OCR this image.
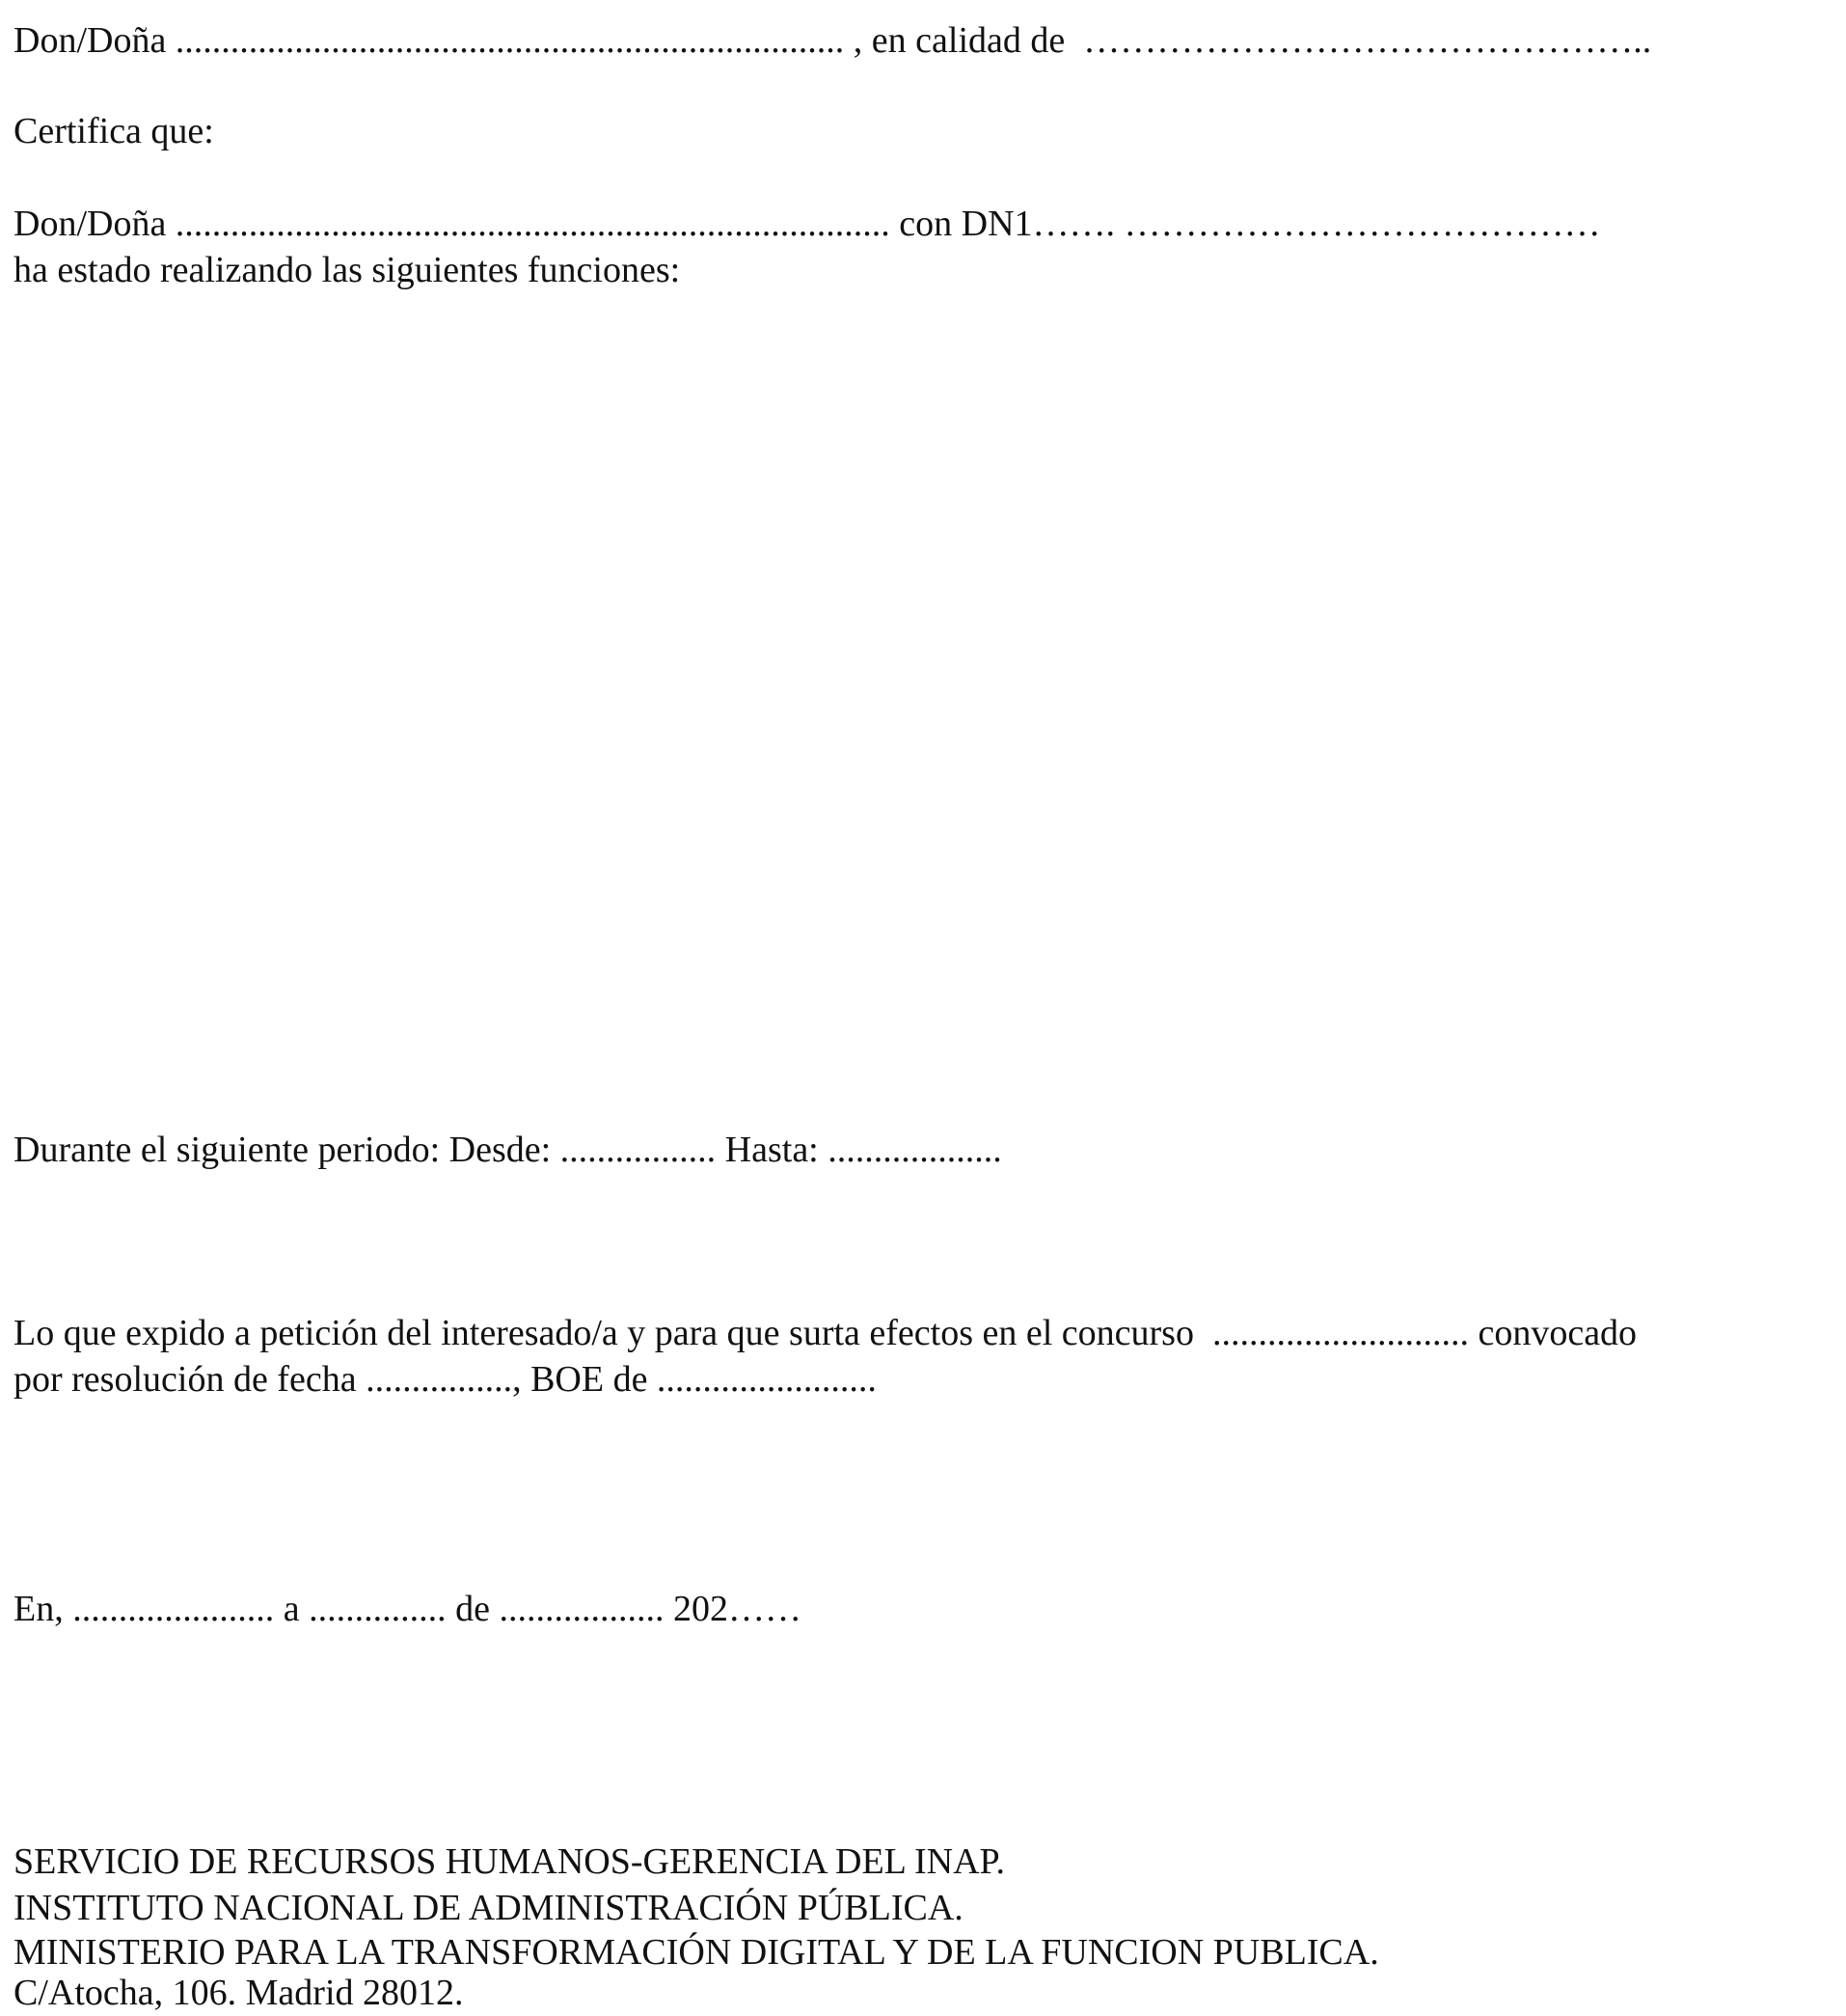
Don/Doña ......................................................................... , en calidad de  ………………………………………..

Certifica que:

Don/Doña .............................................................................. con DN1……. …………………………………

ha estado realizando las siguientes funciones:

Durante el siguiente periodo: Desde: ................. Hasta: ...................

Lo que expido a petición del interesado/a y para que surta efectos en el concurso  ............................ convocado

por resolución de fecha ................, BOE de ........................

En, ...................... a ............... de .................. 202……

SERVICIO DE RECURSOS HUMANOS-GERENCIA DEL INAP.

INSTITUTO NACIONAL DE ADMINISTRACIÓN PÚBLICA.

MINISTERIO PARA LA TRANSFORMACIÓN DIGITAL Y DE LA FUNCION PUBLICA.

C/Atocha, 106. Madrid 28012.
